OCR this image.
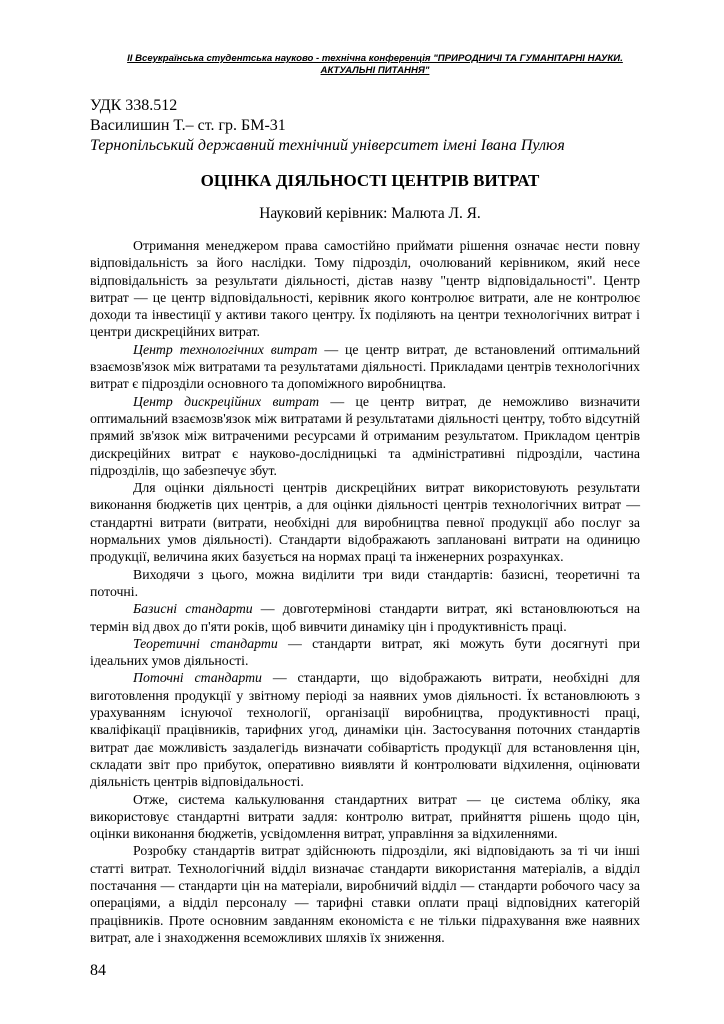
II Всеукраїнська студентська науково - технічна конференція "ПРИРОДНИЧІ ТА ГУМАНІТАРНІ НАУКИ.
АКТУАЛЬНІ ПИТАННЯ"
УДК 338.512
Василишин Т.– ст. гр. БМ-31
Тернопільський державний технічний університет імені Івана Пулюя
ОЦІНКА ДІЯЛЬНОСТІ ЦЕНТРІВ ВИТРАТ
Науковий керівник: Малюта Л. Я.

Отримання менеджером права самостійно приймати рішення означає нести повну відповідальність за його наслідки. Тому підрозділ, очолюваний керівником, який несе відповідальність за результати діяльності, дістав назву "центр відповідальності". Центр витрат — це центр відповідальності, керівник якого контролює витрати, але не контролює доходи та інвестиції у активи такого центру. Їх поділяють на центри технологічних витрат і центри дискреційних витрат.

Центр технологічних витрат — це центр витрат, де встановлений оптимальний взаємозв'язок між витратами та результатами діяльності. Прикладами центрів технологічних витрат є підрозділи основного та допоміжного виробництва.

Центр дискреційних витрат — це центр витрат, де неможливо визначити оптимальний взаємозв'язок між витратами й результатами діяльності центру, тобто відсутній прямий зв'язок між витраченими ресурсами й отриманим результатом. Прикладом центрів дискреційних витрат є науково-дослідницькі та адміністративні підрозділи, частина підрозділів, що забезпечує збут.

Для оцінки діяльності центрів дискреційних витрат використовують результати виконання бюджетів цих центрів, а для оцінки діяльності центрів технологічних витрат — стандартні витрати (витрати, необхідні для виробництва певної продукції або послуг за нормальних умов діяльності). Стандарти відображають заплановані витрати на одиницю продукції, величина яких базується на нормах праці та інженерних розрахунках.

Виходячи з цього, можна виділити три види стандартів: базисні, теоретичні та поточні.

Базисні стандарти — довготермінові стандарти витрат, які встановлюються на термін від двох до п'яти років, щоб вивчити динаміку цін і продуктивність праці.

Теоретичні стандарти — стандарти витрат, які можуть бути досягнуті при ідеальних умов діяльності.

Поточні стандарти — стандарти, що відображають витрати, необхідні для виготовлення продукції у звітному періоді за наявних умов діяльності. Їх встановлюють з урахуванням існуючої технології, організації виробництва, продуктивності праці, кваліфікації працівників, тарифних угод, динаміки цін. Застосування поточних стандартів витрат дає можливість заздалегідь визначати собівартість продукції для встановлення цін, складати звіт про прибуток, оперативно виявляти й контролювати відхилення, оцінювати діяльність центрів відповідальності.

Отже, система калькулювання стандартних витрат — це система обліку, яка використовує стандартні витрати задля: контролю витрат, прийняття рішень щодо цін, оцінки виконання бюджетів, усвідомлення витрат, управління за відхиленнями.

Розробку стандартів витрат здійснюють підрозділи, які відповідають за ті чи інші статті витрат. Технологічний відділ визначає стандарти використання матеріалів, а відділ постачання — стандарти цін на матеріали, виробничий відділ — стандарти робочого часу за операціями, а відділ персоналу — тарифні ставки оплати праці відповідних категорій працівників. Проте основним завданням економіста є не тільки підрахування вже наявних витрат, але і знаходження всеможливих шляхів їх зниження.

84
